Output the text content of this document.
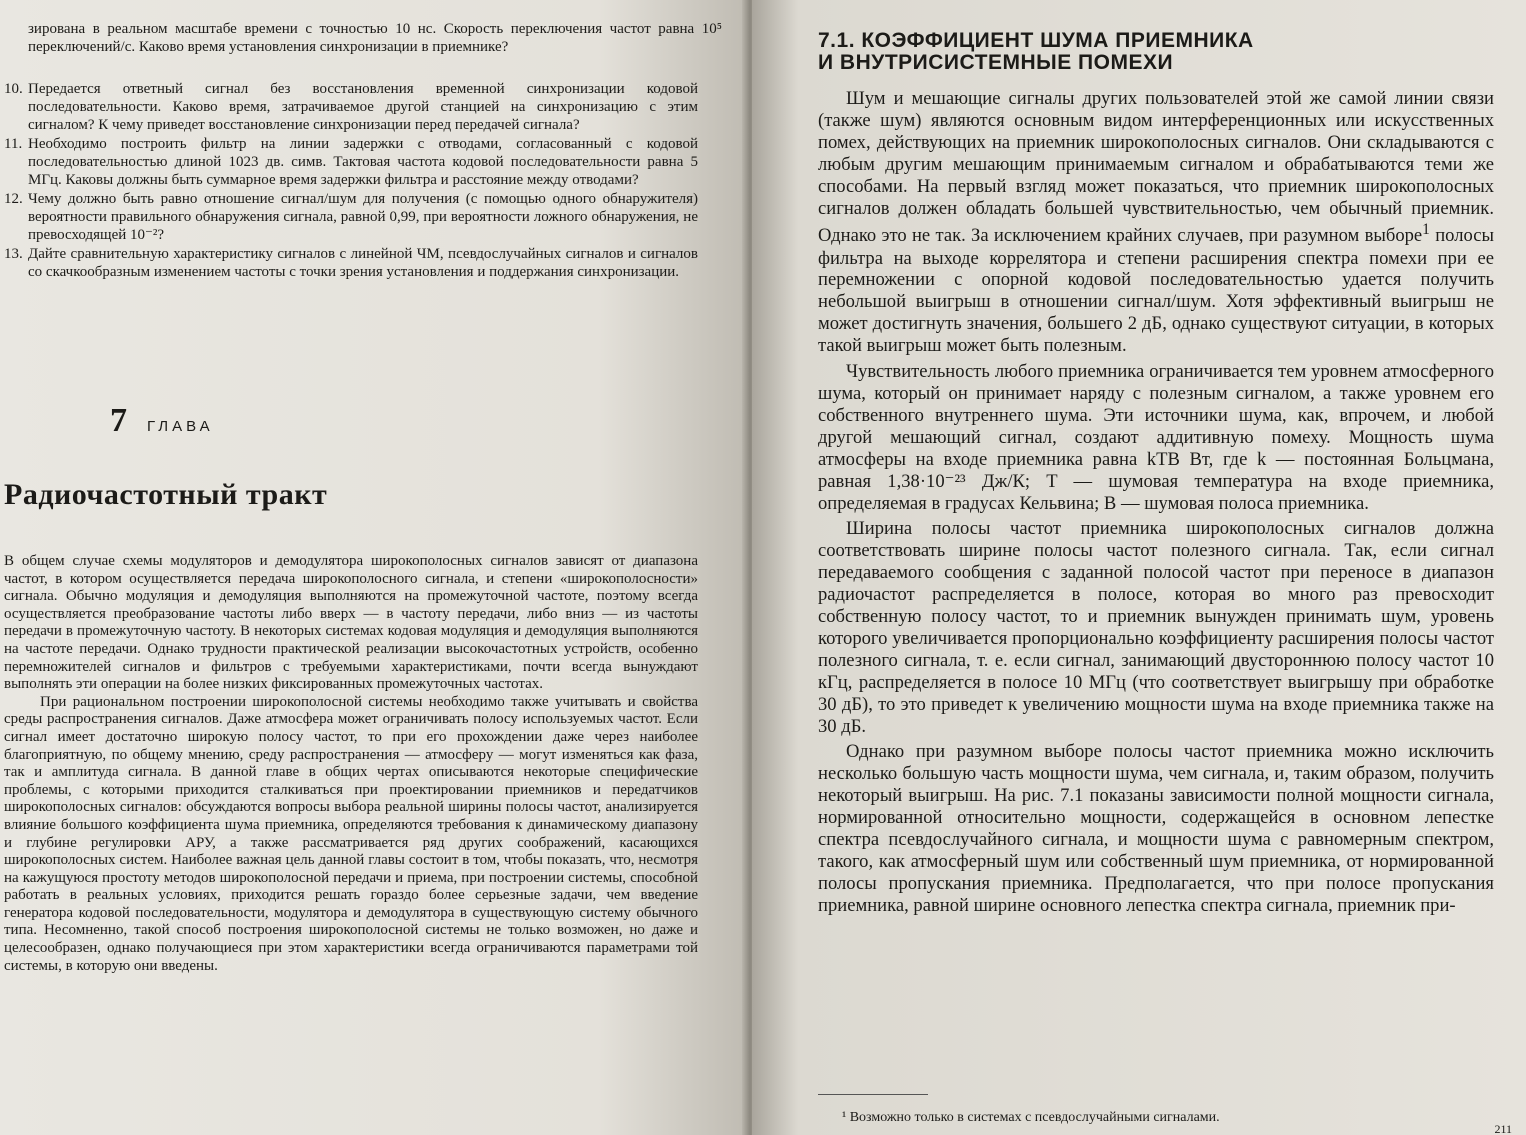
зирована в реальном масштабе времени с точностью 10 нс. Скорость переключения частот равна 10⁵ переключений/с. Каково время установления синхронизации в приемнике?
10. Передается ответный сигнал без восстановления временной синхронизации кодовой последовательности. Каково время, затрачиваемое другой станцией на синхронизацию с этим сигналом? К чему приведет восстановление синхронизации перед передачей сигнала?
11. Необходимо построить фильтр на линии задержки с отводами, согласованный с кодовой последовательностью длиной 1023 дв. симв. Тактовая частота кодовой последовательности равна 5 МГц. Каковы должны быть суммарное время задержки фильтра и расстояние между отводами?
12. Чему должно быть равно отношение сигнал/шум для получения (с помощью одного обнаружителя) вероятности правильного обнаружения сигнала, равной 0,99, при вероятности ложного обнаружения, не превосходящей 10⁻²?
13. Дайте сравнительную характеристику сигналов с линейной ЧМ, псевдослучайных сигналов и сигналов со скачкообразным изменением частоты с точки зрения установления и поддержания синхронизации.
7 ГЛАВА
Радиочастотный тракт

В общем случае схемы модуляторов и демодулятора широкополосных сигналов зависят от диапазона частот, в котором осуществляется передача широкополосного сигнала, и степени «широкополосности» сигнала. Обычно модуляция и демодуляция выполняются на промежуточной частоте, поэтому всегда осуществляется преобразование частоты либо вверх — в частоту передачи, либо вниз — из частоты передачи в промежуточную частоту. В некоторых системах кодовая модуляция и демодуляция выполняются на частоте передачи. Однако трудности практической реализации высокочастотных устройств, особенно перемножителей сигналов и фильтров с требуемыми характеристиками, почти всегда вынуждают выполнять эти операции на более низких фиксированных промежуточных частотах.

При рациональном построении широкополосной системы необходимо также учитывать и свойства среды распространения сигналов. Даже атмосфера может ограничивать полосу используемых частот. Если сигнал имеет достаточно широкую полосу частот, то при его прохождении даже через наиболее благоприятную, по общему мнению, среду распространения — атмосферу — могут изменяться как фаза, так и амплитуда сигнала. В данной главе в общих чертах описываются некоторые специфические проблемы, с которыми приходится сталкиваться при проектировании приемников и передатчиков широкополосных сигналов: обсуждаются вопросы выбора реальной ширины полосы частот, анализируется влияние большого коэффициента шума приемника, определяются требования к динамическому диапазону и глубине регулировки АРУ, а также рассматривается ряд других соображений, касающихся широкополосных систем. Наиболее важная цель данной главы состоит в том, чтобы показать, что, несмотря на кажущуюся простоту методов широкополосной передачи и приема, при построении системы, способной работать в реальных условиях, приходится решать гораздо более серьезные задачи, чем введение генератора кодовой последовательности, модулятора и демодулятора в существующую систему обычного типа. Несомненно, такой способ построения широкополосной системы не только возможен, но даже и целесообразен, однако получающиеся при этом характеристики всегда ограничиваются параметрами той системы, в которую они введены.

7.1. КОЭФФИЦИЕНТ ШУМА ПРИЕМНИКА
И ВНУТРИСИСТЕМНЫЕ ПОМЕХИ

Шум и мешающие сигналы других пользователей этой же самой линии связи (также шум) являются основным видом интерференционных или искусственных помех, действующих на приемник широкополосных сигналов. Они складываются с любым другим мешающим принимаемым сигналом и обрабатываются теми же способами. На первый взгляд может показаться, что приемник широкополосных сигналов должен обладать большей чувствительностью, чем обычный приемник. Однако это не так. За исключением крайних случаев, при разумном выборе$^1$ полосы фильтра на выходе коррелятора и степени расширения спектра помехи при ее перемножении с опорной кодовой последовательностью удается получить небольшой выигрыш в отношении сигнал/шум. Хотя эффективный выигрыш не может достигнуть значения, большего 2 дБ, однако существуют ситуации, в которых такой выигрыш может быть полезным.

Чувствительность любого приемника ограничивается тем уровнем атмосферного шума, который он принимает наряду с полезным сигналом, а также уровнем его собственного внутреннего шума. Эти источники шума, как, впрочем, и любой другой мешающий сигнал, создают аддитивную помеху. Мощность шума атмосферы на входе приемника равна kTB Вт, где k — постоянная Больцмана, равная 1,38·10⁻²³ Дж/К; T — шумовая температура на входе приемника, определяемая в градусах Кельвина; B — шумовая полоса приемника.

Ширина полосы частот приемника широкополосных сигналов должна соответствовать ширине полосы частот полезного сигнала. Так, если сигнал передаваемого сообщения с заданной полосой частот при переносе в диапазон радиочастот распределяется в полосе, которая во много раз превосходит собственную полосу частот, то и приемник вынужден принимать шум, уровень которого увеличивается пропорционально коэффициенту расширения полосы частот полезного сигнала, т. е. если сигнал, занимающий двустороннюю полосу частот 10 кГц, распределяется в полосе 10 МГц (что соответствует выигрышу при обработке 30 дБ), то это приведет к увеличению мощности шума на входе приемника также на 30 дБ.

Однако при разумном выборе полосы частот приемника можно исключить несколько большую часть мощности шума, чем сигнала, и, таким образом, получить некоторый выигрыш. На рис. 7.1 показаны зависимости полной мощности сигнала, нормированной относительно мощности, содержащейся в основном лепестке спектра псевдослучайного сигнала, и мощности шума с равномерным спектром, такого, как атмосферный шум или собственный шум приемника, от нормированной полосы пропускания приемника. Предполагается, что при полосе пропускания приемника, равной ширине основного лепестка спектра сигнала, приемник при-

¹ Возможно только в системах с псевдослучайными сигналами.
211
